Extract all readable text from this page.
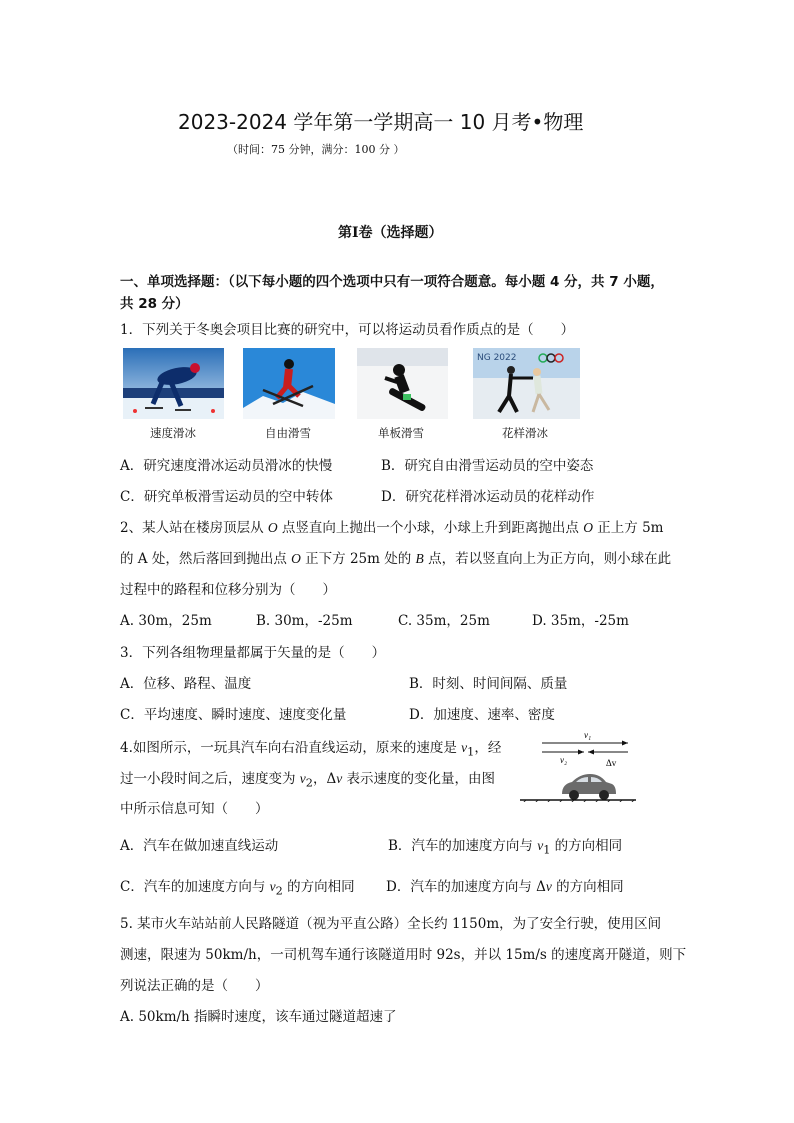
2023-2024 学年第一学期高一 10 月考•物理
（时间：75 分钟，满分：100 分 ）
第Ⅰ卷（选择题）
一、单项选择题：（以下每小题的四个选项中只有一项符合题意。每小题 4 分，共 7 小题，
共 28 分）
1．下列关于冬奥会项目比赛的研究中，可以将运动员看作质点的是（　　）
NG 2022
速度滑冰	自由滑雪	单板滑雪	花样滑冰
A．研究速度滑冰运动员滑冰的快慢	B．研究自由滑雪运动员的空中姿态
C．研究单板滑雪运动员的空中转体	D．研究花样滑冰运动员的花样动作
2、某人站在楼房顶层从 O 点竖直向上抛出一个小球，小球上升到距离抛出点 O 正上方 5m
的 A 处，然后落回到抛出点 O 正下方 25m 处的 B 点，若以竖直向上为正方向，则小球在此
过程中的路程和位移分别为（　　）
A. 30m，25m	B. 30m，-25m	C. 35m，25m	D. 35m，-25m
3．下列各组物理量都属于矢量的是（　　）
A．位移、路程、温度	B．时刻、时间间隔、质量
C．平均速度、瞬时速度、速度变化量	D．加速度、速率、密度
4.如图所示，一玩具汽车向右沿直线运动，原来的速度是 $v_1$，经
过一小段时间之后，速度变为 $v_2$，Δv 表示速度的变化量，由图
中所示信息可知（　　）
v₁
v₂	Δv
A．汽车在做加速直线运动	B．汽车的加速度方向与 $v_1$ 的方向相同
C．汽车的加速度方向与 $v_2$ 的方向相同 D．汽车的加速度方向与 Δv 的方向相同
5. 某市火车站站前人民路隧道（视为平直公路）全长约 1150m，为了安全行驶，使用区间
测速，限速为 50km/h，一司机驾车通行该隧道用时 92s，并以 15m/s 的速度离开隧道，则下
列说法正确的是（　　）
A. 50km/h 指瞬时速度，该车通过隧道超速了
